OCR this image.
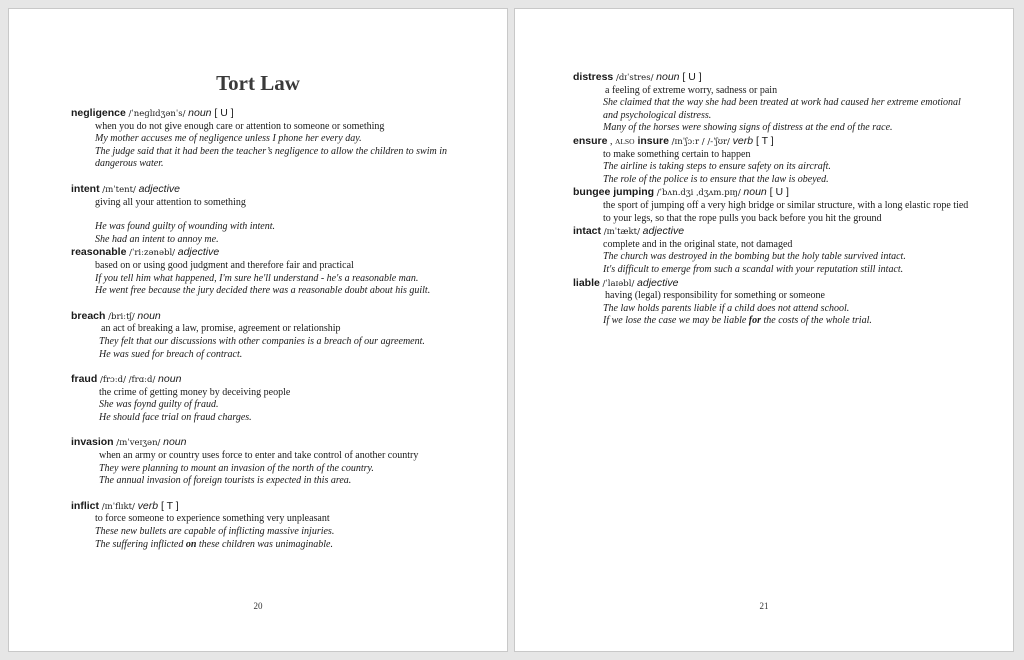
Tort Law
negligence /ˈneɡlɪdʒənˈs/ noun [ U ]
when you do not give enough care or attention to someone or something
My mother accuses me of negligence unless I phone her every day.
The judge said that it had been the teacher’s negligence to allow the children to swim in dangerous water.
intent /ɪnˈtent/ adjective
giving all your attention to something
He was found guilty of wounding with intent.
She had an intent to annoy me.
reasonable /ˈriːzənəbl/ adjective
based on or using good judgment and therefore fair and practical
If you tell him what happened, I'm sure he'll understand - he's a reasonable man.
He went free because the jury decided there was a reasonable doubt about his guilt.
breach /briːtʃ/ noun
an act of breaking a law, promise, agreement or relationship
They felt that our discussions with other companies is a breach of our agreement.
He was sued for breach of contract.
fraud /frɔːd/ /frɑːd/ noun
the crime of getting money by deceiving people
She was foynd guilty of fraud.
He should face trial on fraud charges.
invasion /ɪnˈveɪʒən/ noun
when an army or country uses force to enter and take control of another country
They were planning to mount an invasion of the north of the country.
The annual invasion of foreign tourists is expected in this area.
inflict /ɪnˈflɪkt/ verb [ T ]
to force someone to experience something very unpleasant
These new bullets are capable of inflicting massive injuries.
The suffering inflicted on these children was unimaginable.
20
distress /dɪˈstres/ noun [ U ]
a feeling of extreme worry, sadness or pain
She claimed that the way she had been treated at work had caused her extreme emotional and psychological distress.
Many of the horses were showing signs of distress at the end of the race.
ensure , ALSO insure /ɪnˈʃɔːr / /-ˈʃʊr/ verb [ T ]
to make something certain to happen
The airline is taking steps to ensure safety on its aircraft.
The role of the police is to ensure that the law is obeyed.
bungee jumping /ˈbʌn.dʒi ˌdʒʌm.pɪŋ/ noun [ U ]
the sport of jumping off a very high bridge or similar structure, with a long elastic rope tied to your legs, so that the rope pulls you back before you hit the ground
intact /ɪnˈtækt/ adjective
complete and in the original state, not damaged
The church was destroyed in the bombing but the holy table survived intact.
It's difficult to emerge from such a scandal with your reputation still intact.
liable /ˈlaɪəbl/ adjective
having (legal) responsibility for something or someone
The law holds parents liable if a child does not attend school.
If we lose the case we may be liable for the costs of the whole trial.
21
